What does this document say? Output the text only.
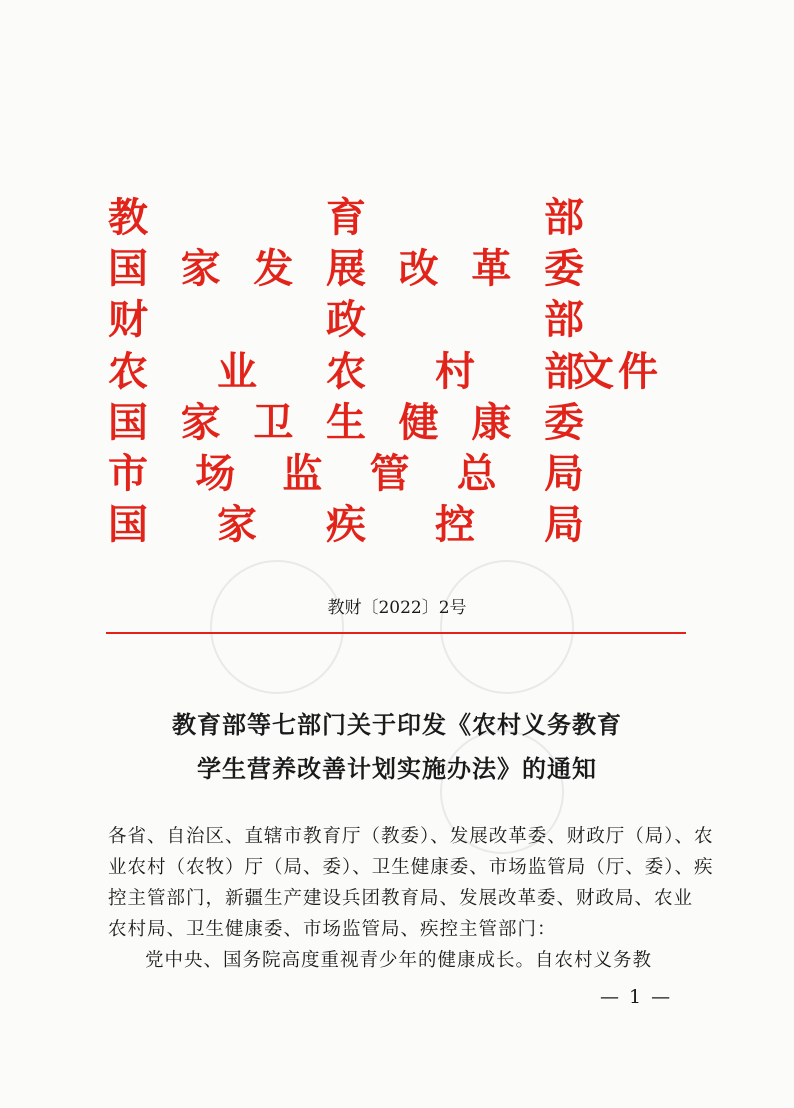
教	育	部
国 家 发 展 改 革 委
财	政	部
农 业 农 村 部
国 家 卫 生 健 康 委
市 场 监 管 总 局
国 家 疾 控 局
文件
教财〔2022〕2号
教育部等七部门关于印发《农村义务教育
学生营养改善计划实施办法》的通知
各省、自治区、直辖市教育厅（教委）、发展改革委、财政厅（局）、农
业农村（农牧）厅（局、委）、卫生健康委、市场监管局（厅、委）、疾
控主管部门，新疆生产建设兵团教育局、发展改革委、财政局、农业
农村局、卫生健康委、市场监管局、疾控主管部门：
党中央、国务院高度重视青少年的健康成长。自农村义务教
— 1 —
